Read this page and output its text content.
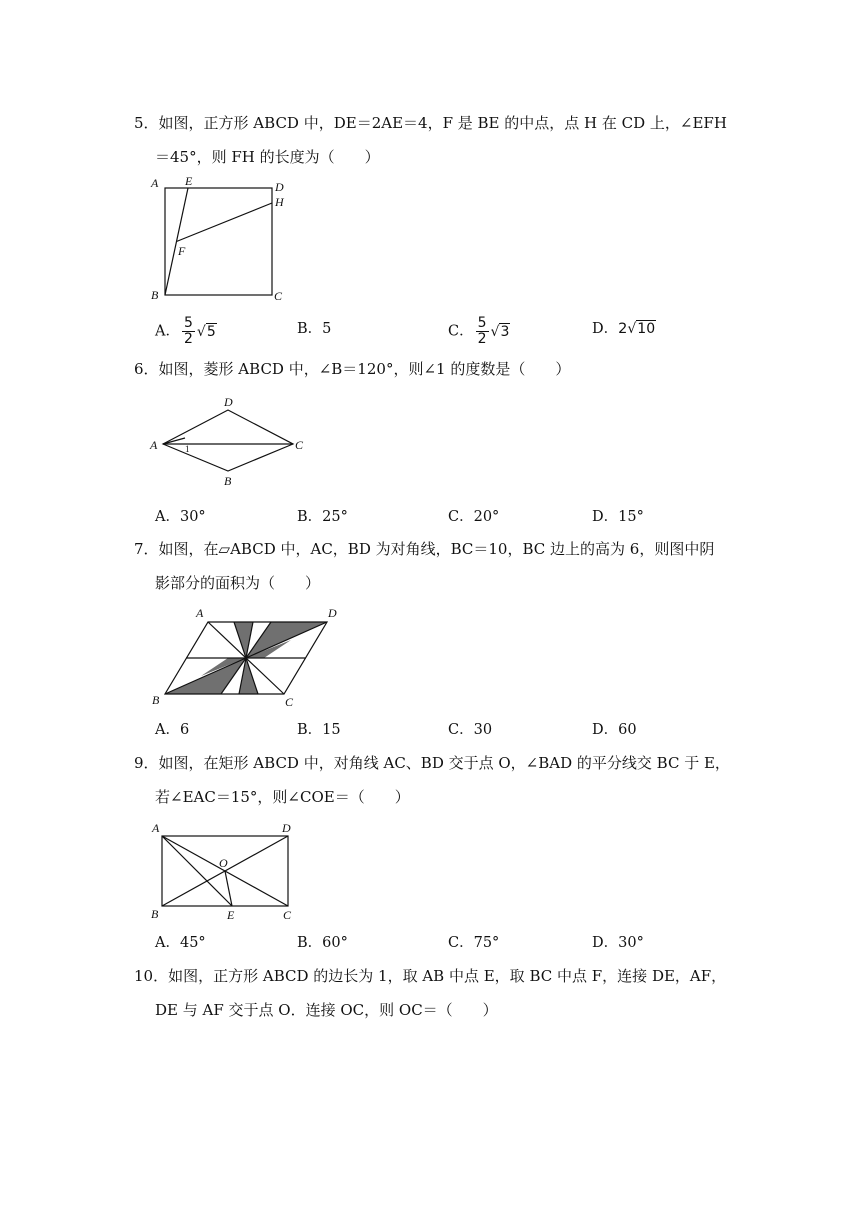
5．如图，正方形 ABCD 中，DE＝2AE＝4，F 是 BE 的中点，点 H 在 CD 上，∠EFH
＝45°，则 FH 的长度为（　　）
A E	D
H
F
B	C
A． $\frac{5}{2} √5$	B．5	C． $\frac{5}{2} √3$	D．2√10
6．如图，菱形 ABCD 中，∠B＝120°，则∠1 的度数是（　　）
A
D
C
B
1
A．30°	B．25°	C．20°	D．15°
7．如图，在▱ABCD 中，AC，BD 为对角线，BC＝10，BC 边上的高为 6，则图中阴
影部分的面积为（　　）
A	D
B	C
A．6	B．15	C．30	D．60
9．如图，在矩形 ABCD 中，对角线 AC、BD 交于点 O，∠BAD 的平分线交 BC 于 E，
若∠EAC＝15°，则∠COE＝（　　）
A	D
O
B	E	C
A．45°	B．60°	C．75°	D．30°
10．如图，正方形 ABCD 的边长为 1，取 AB 中点 E，取 BC 中点 F，连接 DE，AF，
DE 与 AF 交于点 O．连接 OC，则 OC＝（　　）
